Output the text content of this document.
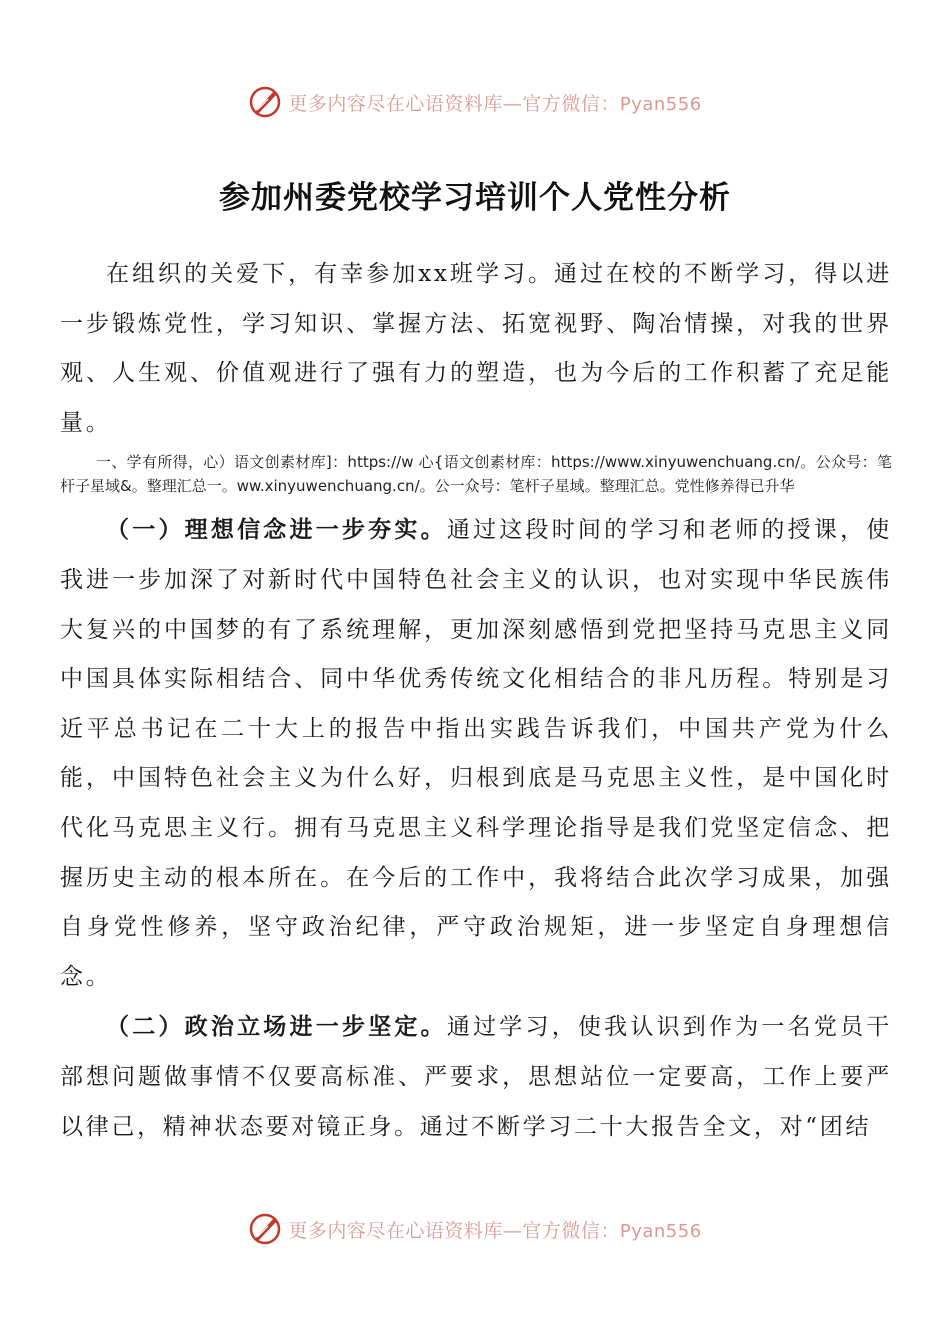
更多内容尽在心语资料库—官方微信：Pyan556
参加州委党校学习培训个人党性分析

在组织的关爱下，有幸参加xx班学习。通过在校的不断学习，得以进一步锻炼党性，学习知识、掌握方法、拓宽视野、陶冶情操，对我的世界观、人生观、价值观进行了强有力的塑造，也为今后的工作积蓄了充足能量。

一、学有所得，心）语文创素材库]：https://w 心{语文创素材库：https://www.xinyuwenchuang.cn/。公众号：笔杆子星域&。整理汇总一。ww.xinyuwenchuang.cn/。公一众号：笔杆子星域。整理汇总。党性修养得已升华

（一）理想信念进一步夯实。通过这段时间的学习和老师的授课，使我进一步加深了对新时代中国特色社会主义的认识，也对实现中华民族伟大复兴的中国梦的有了系统理解，更加深刻感悟到党把坚持马克思主义同中国具体实际相结合、同中华优秀传统文化相结合的非凡历程。特别是习近平总书记在二十大上的报告中指出实践告诉我们，中国共产党为什么能，中国特色社会主义为什么好，归根到底是马克思主义性，是中国化时代化马克思主义行。拥有马克思主义科学理论指导是我们党坚定信念、把握历史主动的根本所在。在今后的工作中，我将结合此次学习成果，加强自身党性修养，坚守政治纪律，严守政治规矩，进一步坚定自身理想信念。

（二）政治立场进一步坚定。通过学习，使我认识到作为一名党员干部想问题做事情不仅要高标准、严要求，思想站位一定要高，工作上要严以律己，精神状态要对镜正身。通过不断学习二十大报告全文，对“团结

更多内容尽在心语资料库—官方微信：Pyan556
